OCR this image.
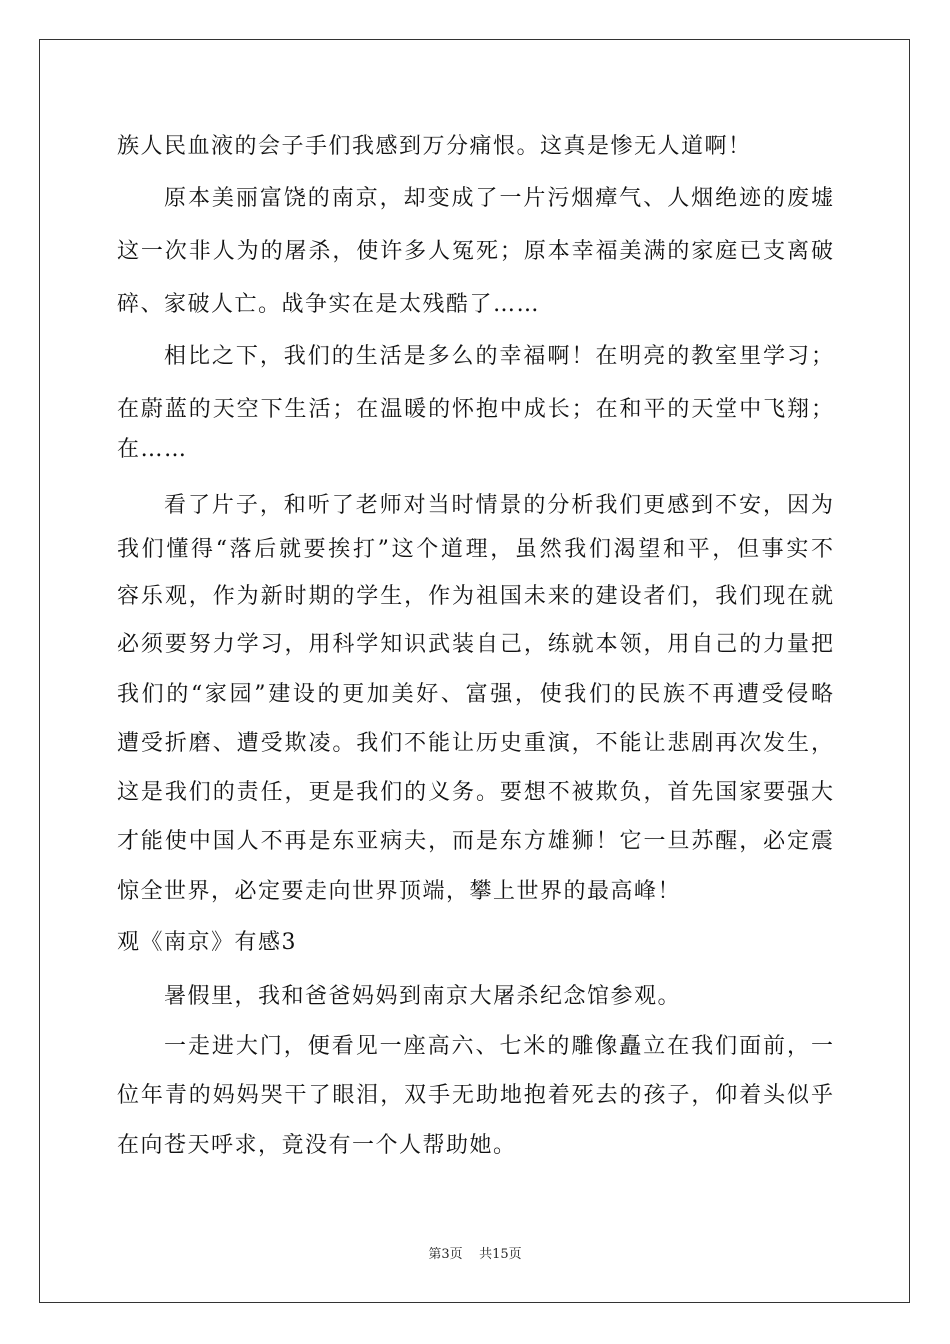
族人民血液的会子手们我感到万分痛恨。这真是惨无人道啊！
原本美丽富饶的南京，却变成了一片污烟瘴气、人烟绝迹的废墟
这一次非人为的屠杀，使许多人冤死；原本幸福美满的家庭已支离破
碎、家破人亡。战争实在是太残酷了……
相比之下，我们的生活是多么的幸福啊！在明亮的教室里学习；
在蔚蓝的天空下生活；在温暖的怀抱中成长；在和平的天堂中飞翔；
在……
看了片子，和听了老师对当时情景的分析我们更感到不安，因为
我们懂得“落后就要挨打”这个道理，虽然我们渴望和平，但事实不
容乐观，作为新时期的学生，作为祖国未来的建设者们，我们现在就
必须要努力学习，用科学知识武装自己，练就本领，用自己的力量把
我们的“家园”建设的更加美好、富强，使我们的民族不再遭受侵略
遭受折磨、遭受欺凌。我们不能让历史重演，不能让悲剧再次发生，
这是我们的责任，更是我们的义务。要想不被欺负，首先国家要强大
才能使中国人不再是东亚病夫，而是东方雄狮！它一旦苏醒，必定震
惊全世界，必定要走向世界顶端，攀上世界的最高峰！
观《南京》有感3
暑假里，我和爸爸妈妈到南京大屠杀纪念馆参观。
一走进大门，便看见一座高六、七米的雕像矗立在我们面前，一
位年青的妈妈哭干了眼泪，双手无助地抱着死去的孩子，仰着头似乎
在向苍天呼求，竟没有一个人帮助她。
第3页 共15页
